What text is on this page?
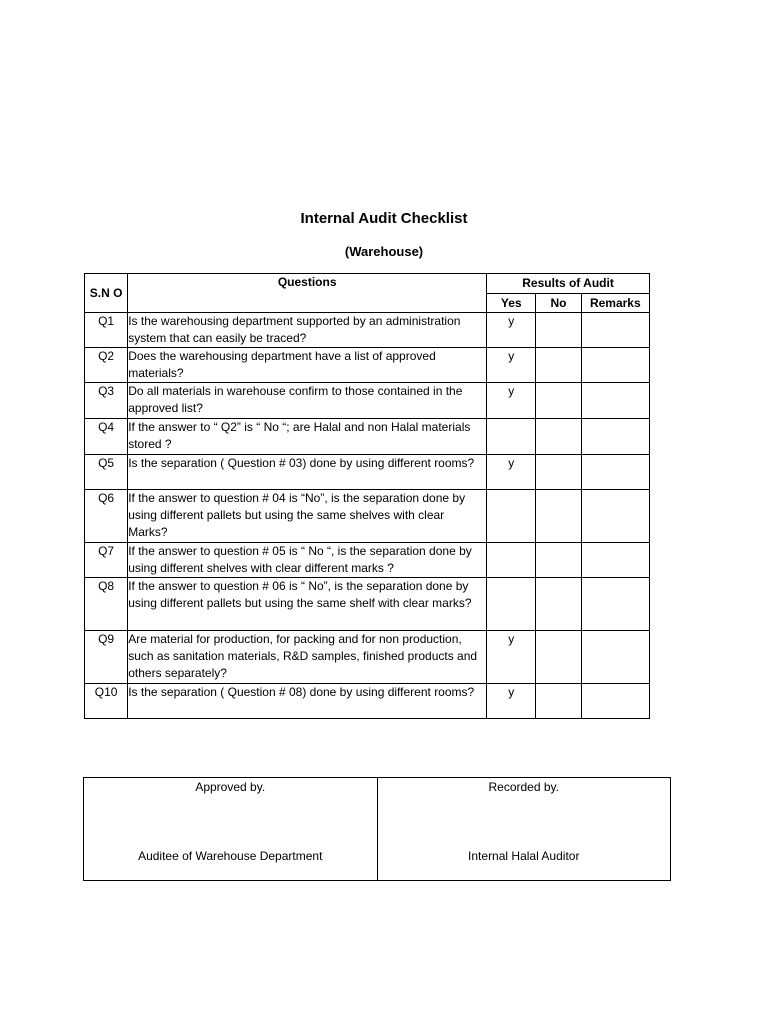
Internal Audit Checklist
(Warehouse)
S.N O	Questions	Results of Audit		
		Yes	No	Remarks
Q1	Is the warehousing department supported by an administration system that can easily be traced?	y		
Q2	Does the warehousing department have a list of approved materials?	y		
Q3	Do all materials in warehouse confirm to those contained in the approved list?	y		
Q4	If the answer to “ Q2” is “ No “; are Halal and non Halal materials stored ?			
Q5	Is the separation ( Question # 03) done by using different rooms?	y		
Q6	If the answer to question # 04 is “No”, is the separation done by using different pallets but using the same shelves with clear Marks?			
Q7	If the answer to question # 05 is “ No “, is the separation done by using different shelves with clear different marks ?			
Q8	If the answer to question # 06 is “ No”, is the separation done by using different pallets but using the same shelf with clear marks?			
Q9	Are material for production, for packing and for non production, such as sanitation materials, R&D samples, finished products and others separately?	y		
Q10	Is the separation ( Question # 08) done by using different rooms?	y		
Approved by.
Auditee of Warehouse Department
Recorded by.
Internal Halal Auditor
